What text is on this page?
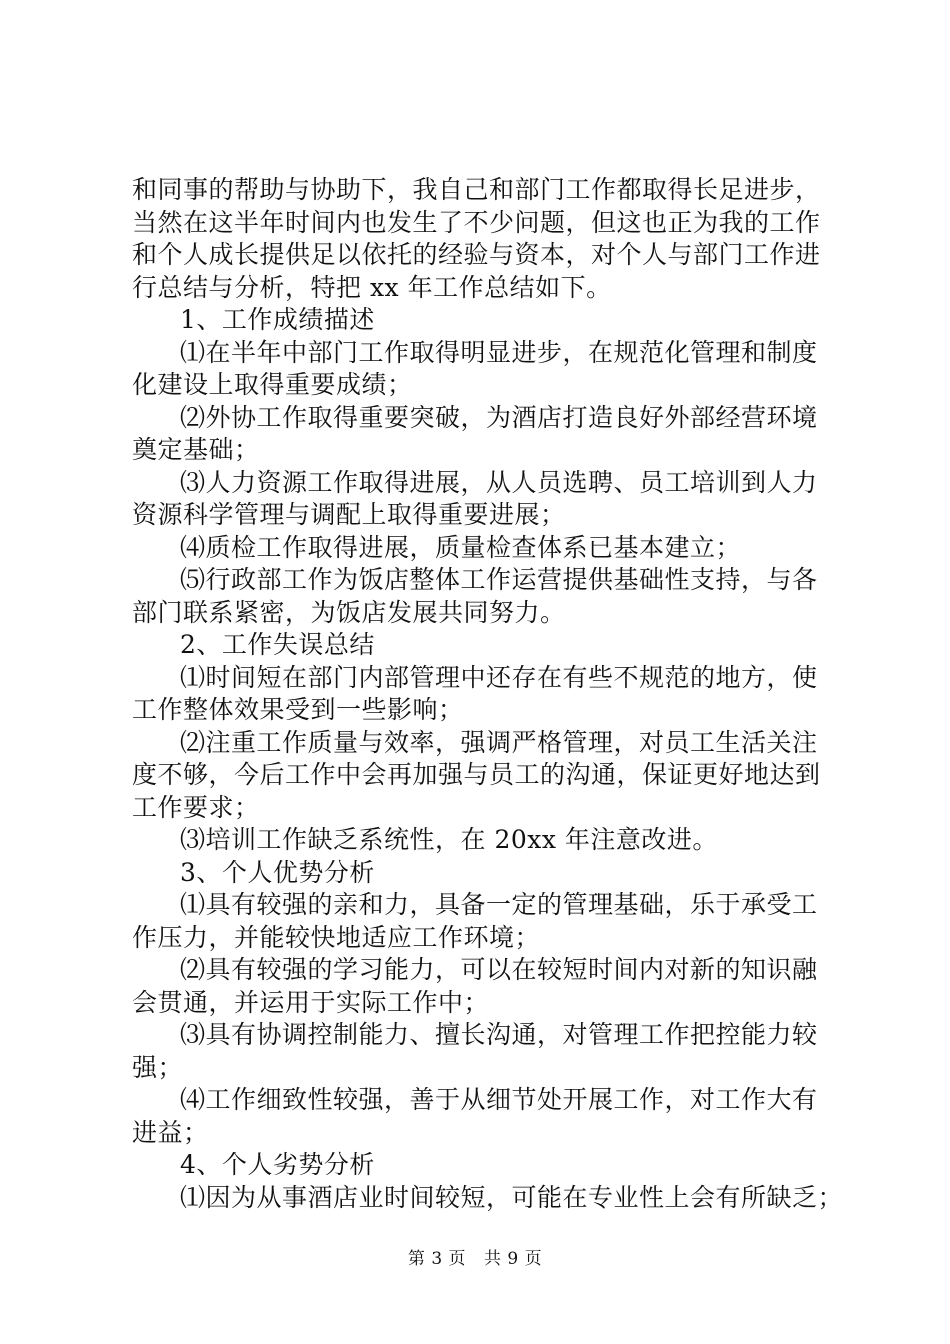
和同事的帮助与协助下，我自己和部门工作都取得长足进步，

当然在这半年时间内也发生了不少问题，但这也正为我的工作

和个人成长提供足以依托的经验与资本，对个人与部门工作进

行总结与分析，特把 xx 年工作总结如下。

1、工作成绩描述

⑴在半年中部门工作取得明显进步，在规范化管理和制度

化建设上取得重要成绩；

⑵外协工作取得重要突破，为酒店打造良好外部经营环境

奠定基础；

⑶人力资源工作取得进展，从人员选聘、员工培训到人力

资源科学管理与调配上取得重要进展；

⑷质检工作取得进展，质量检查体系已基本建立；

⑸行政部工作为饭店整体工作运营提供基础性支持，与各

部门联系紧密，为饭店发展共同努力。

2、工作失误总结

⑴时间短在部门内部管理中还存在有些不规范的地方，使

工作整体效果受到一些影响；

⑵注重工作质量与效率，强调严格管理，对员工生活关注

度不够，今后工作中会再加强与员工的沟通，保证更好地达到

工作要求；

⑶培训工作缺乏系统性，在 20xx 年注意改进。

3、个人优势分析

⑴具有较强的亲和力，具备一定的管理基础，乐于承受工

作压力，并能较快地适应工作环境；

⑵具有较强的学习能力，可以在较短时间内对新的知识融

会贯通，并运用于实际工作中；

⑶具有协调控制能力、擅长沟通，对管理工作把控能力较

强；

⑷工作细致性较强，善于从细节处开展工作，对工作大有

进益；

4、个人劣势分析

⑴因为从事酒店业时间较短，可能在专业性上会有所缺乏；

第 3 页 共 9 页
